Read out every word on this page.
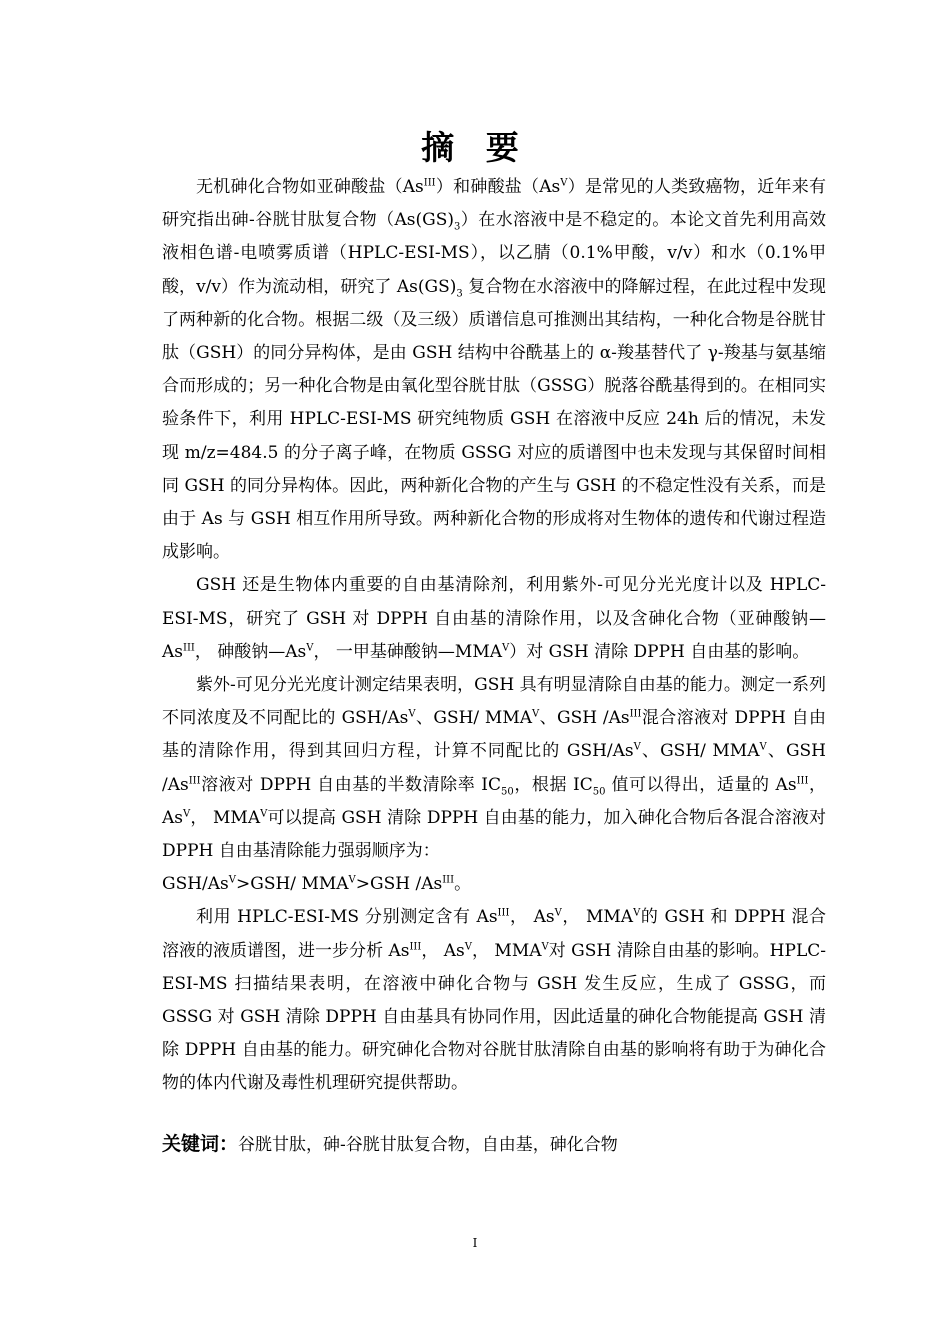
摘 要

无机砷化合物如亚砷酸盐$(As^{III})$和砷酸盐$(As^V)$是常见的人类致癌物，近年来有研究指出砷-谷胱甘肽复合物$(As(GS)_3)$在水溶液中是不稳定的。本论文首先利用高效液相色谱-电喷雾质谱（HPLC-ESI-MS），以乙腈（0.1%甲酸，v/v）和水（0.1%甲酸，v/v）作为流动相，研究了 $As(GS)_3$ 复合物在水溶液中的降解过程，在此过程中发现了两种新的化合物。根据二级（及三级）质谱信息可推测出其结构，一种化合物是谷胱甘肽（GSH）的同分异构体，是由 GSH 结构中谷酰基上的 α-羧基替代了 γ-羧基与氨基缩合而形成的；另一种化合物是由氧化型谷胱甘肽（GSSG）脱落谷酰基得到的。在相同实验条件下，利用 HPLC-ESI-MS 研究纯物质 GSH 在溶液中反应 24h 后的情况，未发现 m/z=484.5 的分子离子峰，在物质 GSSG 对应的质谱图中也未发现与其保留时间相同 GSH 的同分异构体。因此，两种新化合物的产生与 GSH 的不稳定性没有关系，而是由于 As 与 GSH 相互作用所导致。两种新化合物的形成将对生物体的遗传和代谢过程造成影响。

GSH 还是生物体内重要的自由基清除剂，利用紫外-可见分光光度计以及 HPLC-ESI-MS，研究了 GSH 对 DPPH 自由基的清除作用，以及含砷化合物（亚砷酸钠$—As^{III}$， 砷酸钠$—As^V$， 一甲基砷酸钠$—MMA^V$）对 GSH 清除 DPPH 自由基的影响。

紫外-可见分光光度计测定结果表明，GSH 具有明显清除自由基的能力。测定一系列不同浓度及不同配比的 GSH/$As^V$、GSH/ $MMA^V$、GSH $/As^{III}$混合溶液对 DPPH 自由基的清除作用，得到其回归方程，计算不同配比的 GSH/$As^V$、GSH/ $MMA^V$、GSH $/As^{III}$溶液对 DPPH 自由基的半数清除率 $IC_{50}$，根据 $IC_{50}$ 值可以得出，适量的 $As^{III}$， $As^V$， $MMA^V$可以提高 GSH 清除 DPPH 自由基的能力，加入砷化合物后各混合溶液对 DPPH 自由基清除能力强弱顺序为：
GSH/$As^V>GSH/$ $MMA^V>GSH$ $/As^{III}$。

利用 HPLC-ESI-MS 分别测定含有 $As^{III}$， $As^V$， $MMA^V$的 GSH 和 DPPH 混合溶液的液质谱图，进一步分析 $As^{III}$， $As^V$， $MMA^V$对 GSH 清除自由基的影响。HPLC-ESI-MS 扫描结果表明，在溶液中砷化合物与 GSH 发生反应，生成了 GSSG，而 GSSG 对 GSH 清除 DPPH 自由基具有协同作用，因此适量的砷化合物能提高 GSH 清除 DPPH 自由基的能力。研究砷化合物对谷胱甘肽清除自由基的影响将有助于为砷化合物的体内代谢及毒性机理研究提供帮助。

关键词：谷胱甘肽，砷-谷胱甘肽复合物，自由基，砷化合物
I
